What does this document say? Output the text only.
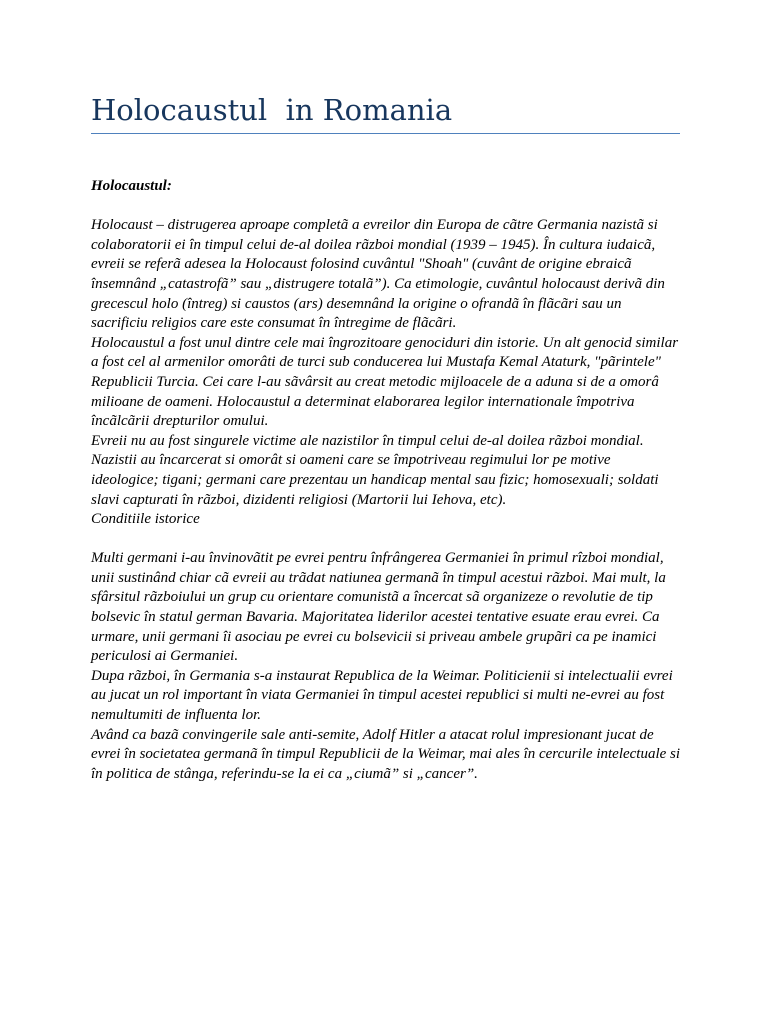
Holocaustul  in Romania

Holocaustul:

Holocaust – distrugerea aproape completã a evreilor din Europa de cãtre Germania nazistã si colaboratorii ei în timpul celui de-al doilea rãzboi mondial (1939 – 1945). În cultura iudaicã, evreii se referã adesea la Holocaust folosind cuvântul "Shoah" (cuvânt de origine ebraicã însemnând „catastrofã” sau „distrugere totalã”). Ca etimologie, cuvântul holocaust derivã din grecescul holo (întreg) si caustos (ars) desemnând la origine o ofrandã în flãcãri sau un sacrificiu religios care este consumat în întregime de flãcãri.

Holocaustul a fost unul dintre cele mai îngrozitoare genociduri din istorie. Un alt genocid similar a fost cel al armenilor omorâti de turci sub conducerea lui Mustafa Kemal Ataturk, "pãrintele" Republicii Turcia. Cei care l-au sãvârsit au creat metodic mijloacele de a aduna si de a omorâ milioane de oameni. Holocaustul a determinat elaborarea legilor internationale împotriva încãlcãrii drepturilor omului.

Evreii nu au fost singurele victime ale nazistilor în timpul celui de-al doilea rãzboi mondial. Nazistii au încarcerat si omorât si oameni care se împotriveau regimului lor pe motive ideologice; tigani; germani care prezentau un handicap mental sau fizic; homosexuali; soldati slavi capturati în rãzboi, dizidenti religiosi (Martorii lui Iehova, etc).

Conditiile istorice

Multi germani i-au învinovãtit pe evrei pentru înfrângerea Germaniei în primul rîzboi mondial, unii sustinând chiar cã evreii au trãdat natiunea germanã în timpul acestui rãzboi. Mai mult, la sfârsitul rãzboiului un grup cu orientare comunistã a încercat sã organizeze o revolutie de tip bolsevic în statul german Bavaria. Majoritatea liderilor acestei tentative esuate erau evrei. Ca urmare, unii germani îi asociau pe evrei cu bolsevicii si priveau ambele grupãri ca pe inamici periculosi ai Germaniei.

Dupa rãzboi, în Germania s-a instaurat Republica de la Weimar. Politicienii si intelectualii evrei au jucat un rol important în viata Germaniei în timpul acestei republici si multi ne-evrei au fost nemultumiti de influenta lor.

Având ca bazã convingerile sale anti-semite, Adolf Hitler a atacat rolul impresionant jucat de evrei în societatea germanã în timpul Republicii de la Weimar, mai ales în cercurile intelectuale si în politica de stânga, referindu-se la ei ca „ciumã” si „cancer”.
